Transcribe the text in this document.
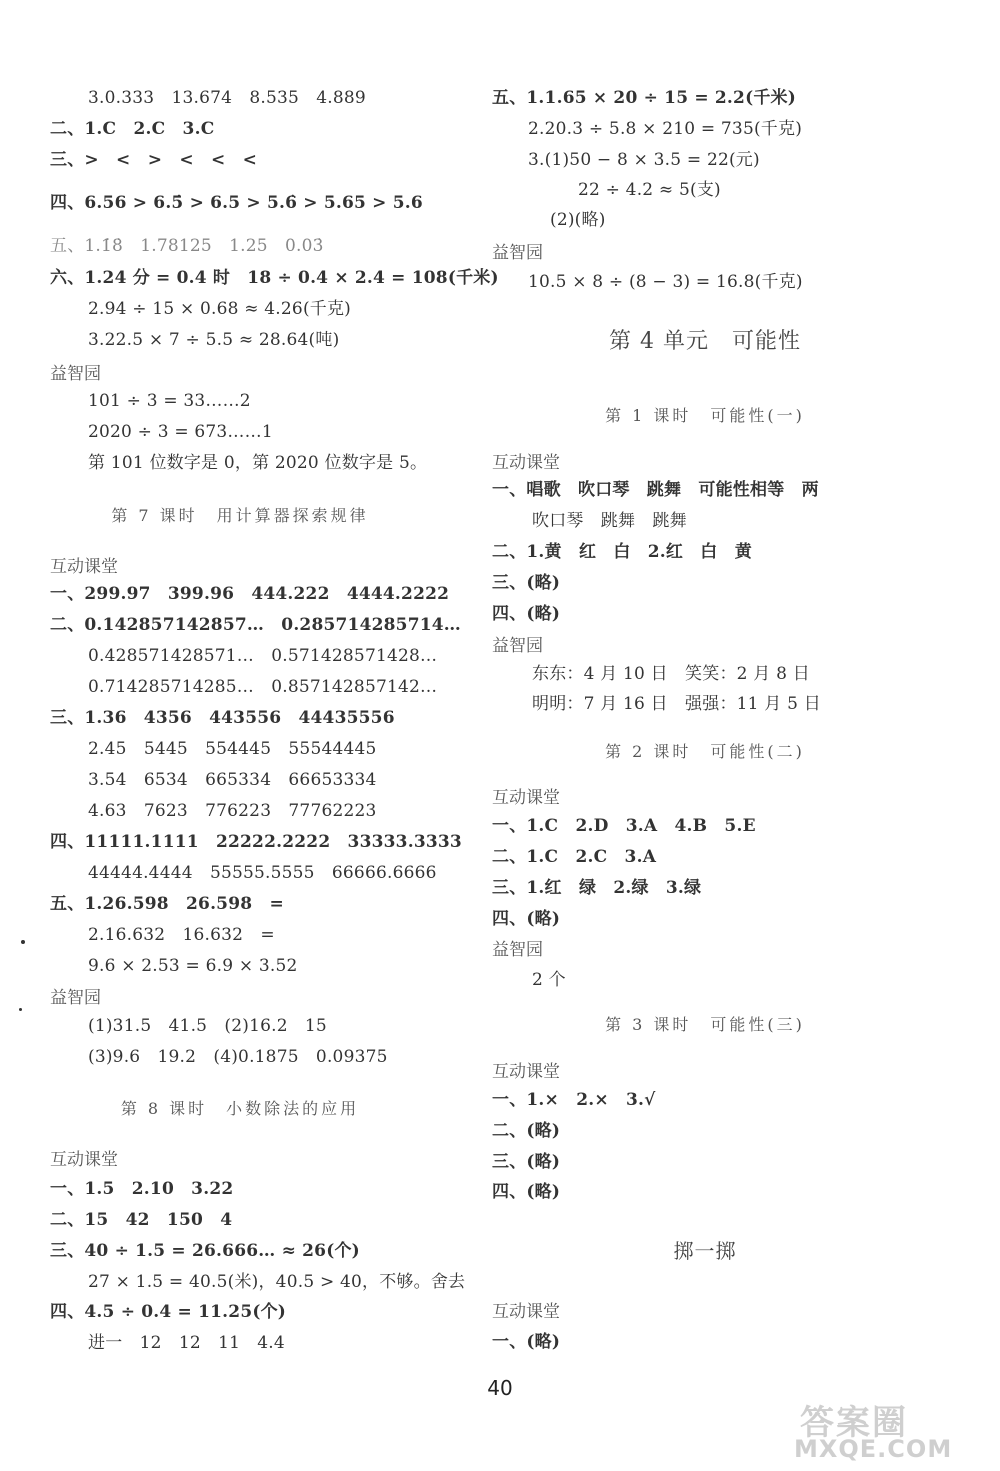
3.0.333　13.674　8.535　4.889
二、1.C　2.C　3.C
三、>　<　>　<　<　<
四、6.56 > 6.5̇ > 6.5 > 5.6̇ > 5.65 > 5.6
五、1.1̇8̇　1.78125　1.25　0.03̇
六、1.24 分 = 0.4 时　18 ÷ 0.4 × 2.4 = 108(千米)
2.94 ÷ 15 × 0.68 ≈ 4.26(千克)
3.22.5 × 7 ÷ 5.5 ≈ 28.64(吨)
益智园
101 ÷ 3 = 33……2
2020 ÷ 3 = 673……1
第 101 位数字是 0，第 2020 位数字是 5。
第 7 课时　用计算器探索规律
互动课堂
一、299.97　399.96　444.222　4444.2222
二、0.142857142857…　0.285714285714…
0.428571428571…　0.571428571428…
0.714285714285…　0.857142857142…
三、1.36　4356　443556　44435556
2.45　5445　554445　55544445
3.54　6534　665334　66653334
4.63　7623　776223　77762223
四、11111.1111　22222.2222　33333.3333
44444.4444　55555.5555　66666.6666
五、1.26.598　26.598　=
2.16.632　16.632　=
9.6 × 2.53 = 6.9 × 3.52
益智园
(1)31.5　41.5　(2)16.2　15
(3)9.6　19.2　(4)0.1875　0.09375
第 8 课时　小数除法的应用
互动课堂
一、1.5　2.10　3.22
二、15　42　150　4
三、40 ÷ 1.5 = 26.666… ≈ 26(个)
27 × 1.5 = 40.5(米)，40.5 > 40，不够。舍去
四、4.5 ÷ 0.4 = 11.25(个)
进一　12　12　11　4.4
五、1.1.65 × 20 ÷ 15 = 2.2(千米)
2.20.3 ÷ 5.8 × 210 = 735(千克)
3.(1)50 − 8 × 3.5 = 22(元)
22 ÷ 4.2 ≈ 5(支)
(2)(略)
益智园
10.5 × 8 ÷ (8 − 3) = 16.8(千克)
第 4 单元　可能性
第 1 课时　可能性(一)
互动课堂
一、唱歌　吹口琴　跳舞　可能性相等　两
吹口琴　跳舞　跳舞
二、1.黄　红　白　2.红　白　黄
三、(略)
四、(略)
益智园
东东：4 月 10 日　笑笑：2 月 8 日
明明：7 月 16 日　强强：11 月 5 日
第 2 课时　可能性(二)
互动课堂
一、1.C　2.D　3.A　4.B　5.E
二、1.C　2.C　3.A
三、1.红　绿　2.绿　3.绿
四、(略)
益智园
2 个
第 3 课时　可能性(三)
互动课堂
一、1.×　2.×　3.√
二、(略)
三、(略)
四、(略)
掷一掷
互动课堂
一、(略)
40
答案圈
MXQE.COM
